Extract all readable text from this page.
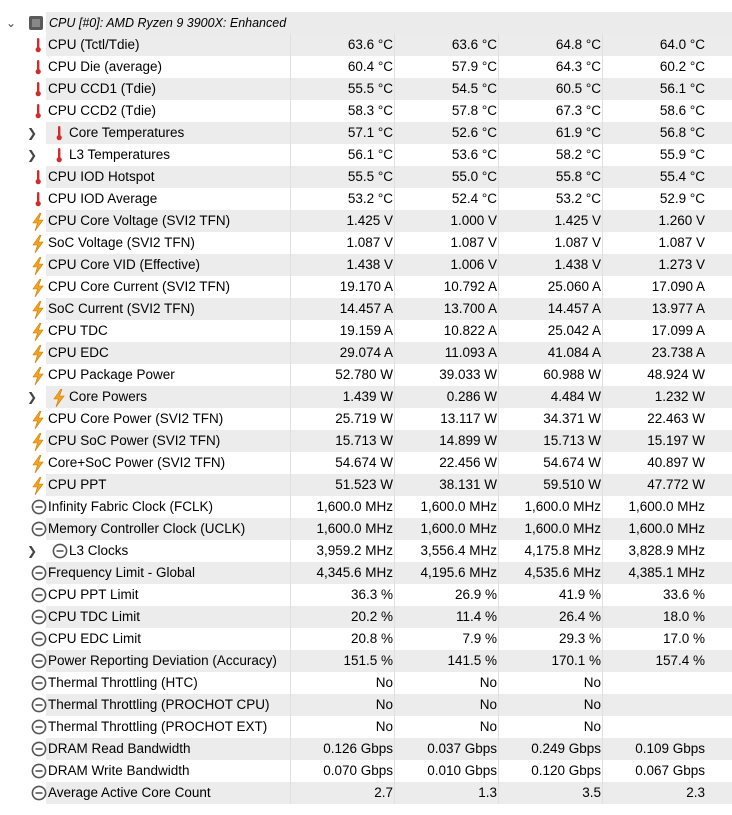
⌄	CPU [#0]: AMD Ryzen 9 3900X: Enhanced
CPU (Tctl/Tdie)	63.6 °C	63.6 °C	64.8 °C	64.0 °C
CPU Die (average)	60.4 °C	57.9 °C	64.3 °C	60.2 °C
CPU CCD1 (Tdie)	55.5 °C	54.5 °C	60.5 °C	56.1 °C
CPU CCD2 (Tdie)	58.3 °C	57.8 °C	67.3 °C	58.6 °C
❯ Core Temperatures	57.1 °C	52.6 °C	61.9 °C	56.8 °C
❯ L3 Temperatures	56.1 °C	53.6 °C	58.2 °C	55.9 °C
CPU IOD Hotspot	55.5 °C	55.0 °C	55.8 °C	55.4 °C
CPU IOD Average	53.2 °C	52.4 °C	53.2 °C	52.9 °C
CPU Core Voltage (SVI2 TFN)	1.425 V	1.000 V	1.425 V	1.260 V
SoC Voltage (SVI2 TFN)	1.087 V	1.087 V	1.087 V	1.087 V
CPU Core VID (Effective)	1.438 V	1.006 V	1.438 V	1.273 V
CPU Core Current (SVI2 TFN)	19.170 A	10.792 A	25.060 A	17.090 A
SoC Current (SVI2 TFN)	14.457 A	13.700 A	14.457 A	13.977 A
CPU TDC	19.159 A	10.822 A	25.042 A	17.099 A
CPU EDC	29.074 A	11.093 A	41.084 A	23.738 A
CPU Package Power	52.780 W	39.033 W	60.988 W	48.924 W
❯ Core Powers	1.439 W	0.286 W	4.484 W	1.232 W
CPU Core Power (SVI2 TFN)	25.719 W	13.117 W	34.371 W	22.463 W
CPU SoC Power (SVI2 TFN)	15.713 W	14.899 W	15.713 W	15.197 W
Core+SoC Power (SVI2 TFN)	54.674 W	22.456 W	54.674 W	40.897 W
CPU PPT	51.523 W	38.131 W	59.510 W	47.772 W
Infinity Fabric Clock (FCLK)	1,600.0 MHz 1,600.0 MHz 1,600.0 MHz 1,600.0 MHz
Memory Controller Clock (UCLK)	1,600.0 MHz 1,600.0 MHz 1,600.0 MHz 1,600.0 MHz
❯ L3 Clocks	3,959.2 MHz 3,556.4 MHz 4,175.8 MHz 3,828.9 MHz
Frequency Limit - Global	4,345.6 MHz 4,195.6 MHz 4,535.6 MHz 4,385.1 MHz
CPU PPT Limit	36.3 %	26.9 %	41.9 %	33.6 %
CPU TDC Limit	20.2 %	11.4 %	26.4 %	18.0 %
CPU EDC Limit	20.8 %	7.9 %	29.3 %	17.0 %
Power Reporting Deviation (Accuracy)	151.5 %	141.5 %	170.1 %	157.4 %
Thermal Throttling (HTC)	No	No	No
Thermal Throttling (PROCHOT CPU)	No	No	No
Thermal Throttling (PROCHOT EXT)	No	No	No
DRAM Read Bandwidth	0.126 Gbps	0.037 Gbps	0.249 Gbps	0.109 Gbps
DRAM Write Bandwidth	0.070 Gbps	0.010 Gbps	0.120 Gbps	0.067 Gbps
Average Active Core Count	2.7	1.3	3.5	2.3
